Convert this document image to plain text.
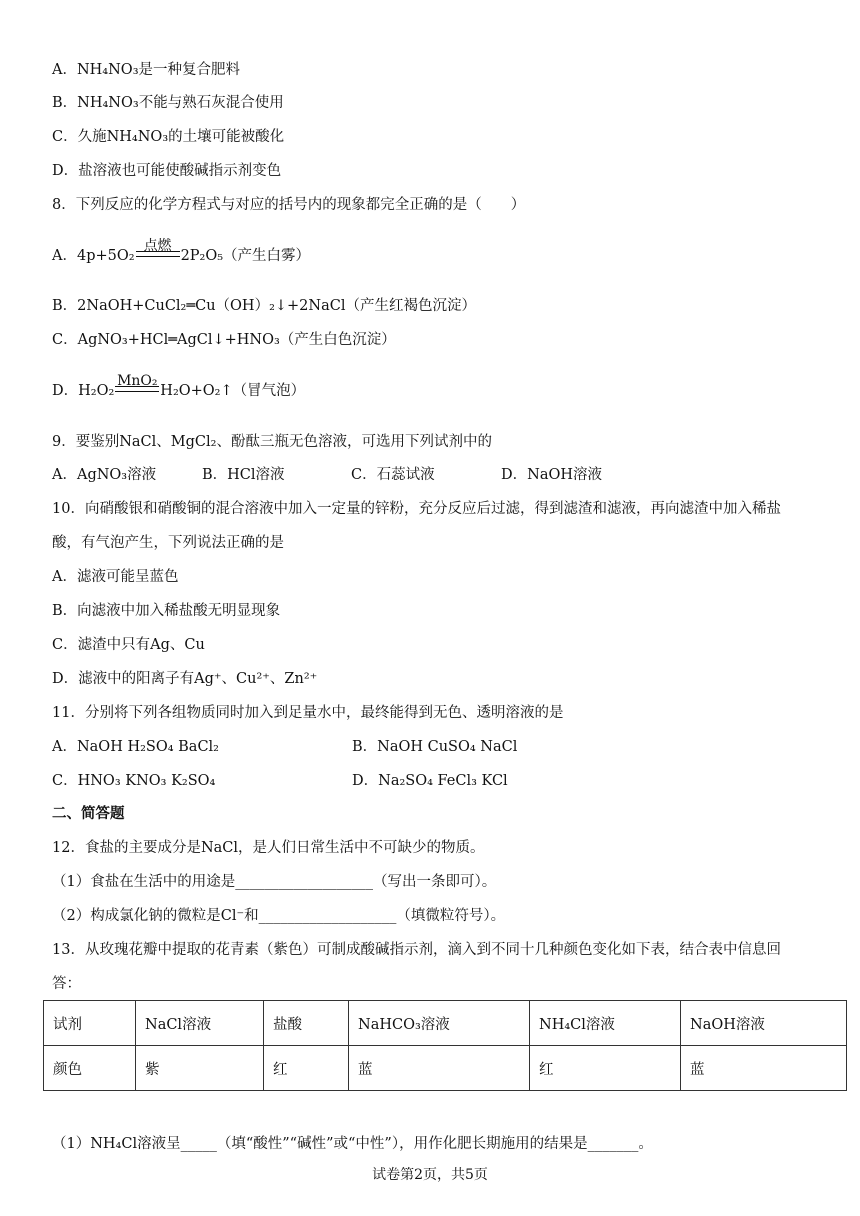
A．NH₄NO₃是一种复合肥料
B．NH₄NO₃不能与熟石灰混合使用
C．久施NH₄NO₃的土壤可能被酸化
D．盐溶液也可能使酸碱指示剂变色
8．下列反应的化学方程式与对应的括号内的现象都完全正确的是（　　）
A．4p+5O₂
点燃
2P₂O₅（产生白雾）
B．2NaOH+CuCl₂═Cu（OH）₂↓+2NaCl（产生红褐色沉淀）
C．AgNO₃+HCl═AgCl↓+HNO₃（产生白色沉淀）
D．H₂O₂
MnO₂
H₂O+O₂↑（冒气泡）
9．要鉴别NaCl、MgCl₂、酚酞三瓶无色溶液，可选用下列试剂中的
A．AgNO₃溶液	B．HCl溶液	C．石蕊试液	D．NaOH溶液
10．向硝酸银和硝酸铜的混合溶液中加入一定量的锌粉，充分反应后过滤，得到滤渣和滤液，再向滤渣中加入稀盐
酸，有气泡产生，下列说法正确的是
A．滤液可能呈蓝色
B．向滤液中加入稀盐酸无明显现象
C．滤渣中只有Ag、Cu
D．滤液中的阳离子有Ag⁺、Cu²⁺、Zn²⁺
11．分别将下列各组物质同时加入到足量水中，最终能得到无色、透明溶液的是
A．NaOH H₂SO₄ BaCl₂	B．NaOH CuSO₄ NaCl
C．HNO₃ KNO₃ K₂SO₄	D．Na₂SO₄ FeCl₃ KCl
二、简答题
12．食盐的主要成分是NaCl，是人们日常生活中不可缺少的物质。
（1）食盐在生活中的用途是___________________（写出一条即可）。
（2）构成氯化钠的微粒是Cl⁻和___________________（填微粒符号）。
13．从玫瑰花瓣中提取的花青素（紫色）可制成酸碱指示剂，滴入到不同十几种颜色变化如下表，结合表中信息回
答：
试剂	NaCl溶液	盐酸	NaHCO₃溶液	NH₄Cl溶液	NaOH溶液
颜色	紫	红	蓝	红	蓝
（1）NH₄Cl溶液呈_____（填“酸性”“碱性”或“中性”），用作化肥长期施用的结果是_______。
试卷第2页，共5页
